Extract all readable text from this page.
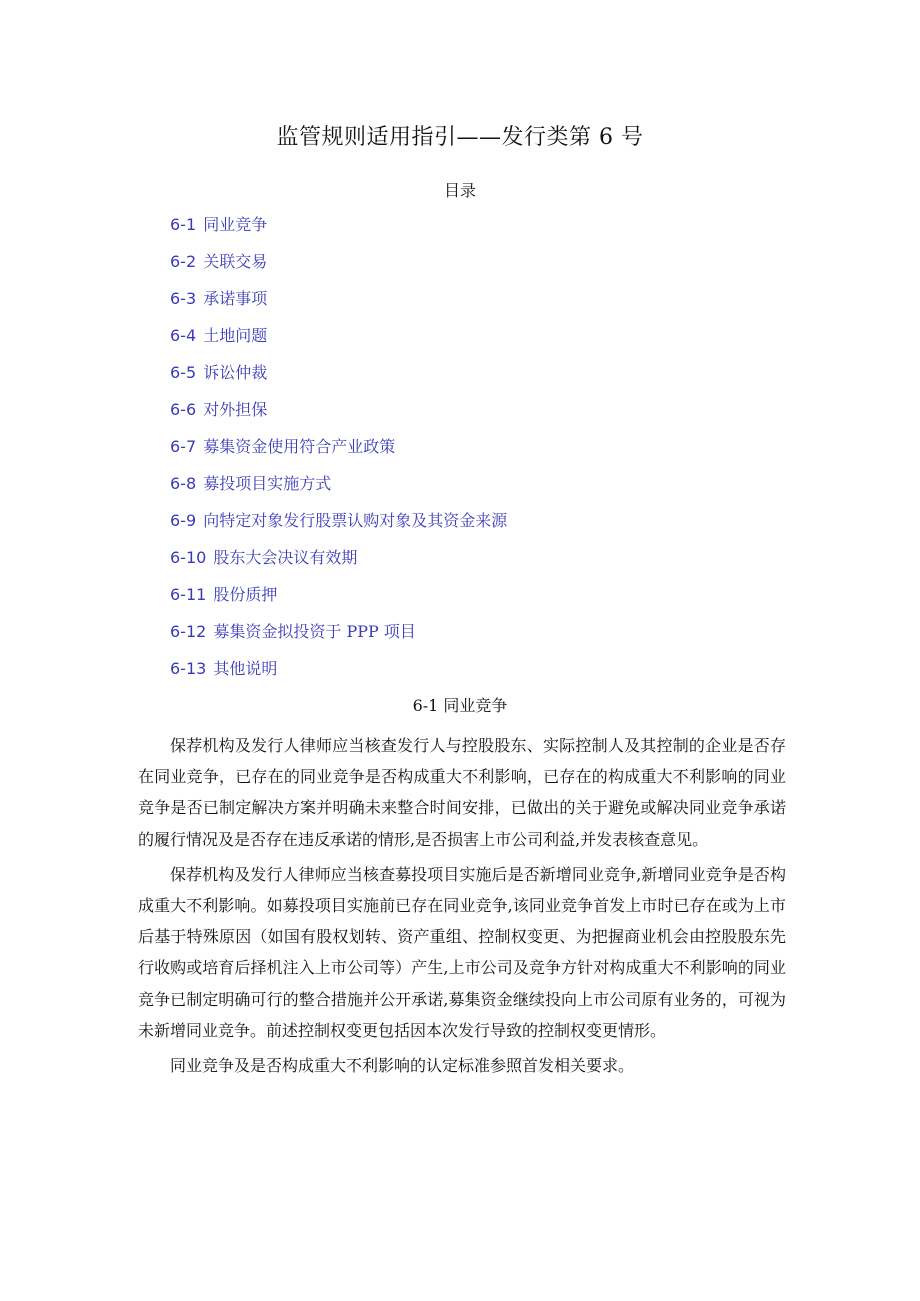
监管规则适用指引——发行类第 6 号
目录
6-1 同业竞争
6-2 关联交易
6-3 承诺事项
6-4 土地问题
6-5 诉讼仲裁
6-6 对外担保
6-7 募集资金使用符合产业政策
6-8 募投项目实施方式
6-9 向特定对象发行股票认购对象及其资金来源
6-10 股东大会决议有效期
6-11 股份质押
6-12 募集资金拟投资于 PPP 项目
6-13 其他说明
6-1 同业竞争

保荐机构及发行人律师应当核查发行人与控股股东、实际控制人及其控制的企业是否存在同业竞争，已存在的同业竞争是否构成重大不利影响，已存在的构成重大不利影响的同业竞争是否已制定解决方案并明确未来整合时间安排，已做出的关于避免或解决同业竞争承诺的履行情况及是否存在违反承诺的情形,是否损害上市公司利益,并发表核查意见。

保荐机构及发行人律师应当核查募投项目实施后是否新增同业竞争,新增同业竞争是否构成重大不利影响。如募投项目实施前已存在同业竞争,该同业竞争首发上市时已存在或为上市后基于特殊原因（如国有股权划转、资产重组、控制权变更、为把握商业机会由控股股东先行收购或培育后择机注入上市公司等）产生,上市公司及竞争方针对构成重大不利影响的同业竞争已制定明确可行的整合措施并公开承诺,募集资金继续投向上市公司原有业务的，可视为未新增同业竞争。前述控制权变更包括因本次发行导致的控制权变更情形。

同业竞争及是否构成重大不利影响的认定标准参照首发相关要求。
